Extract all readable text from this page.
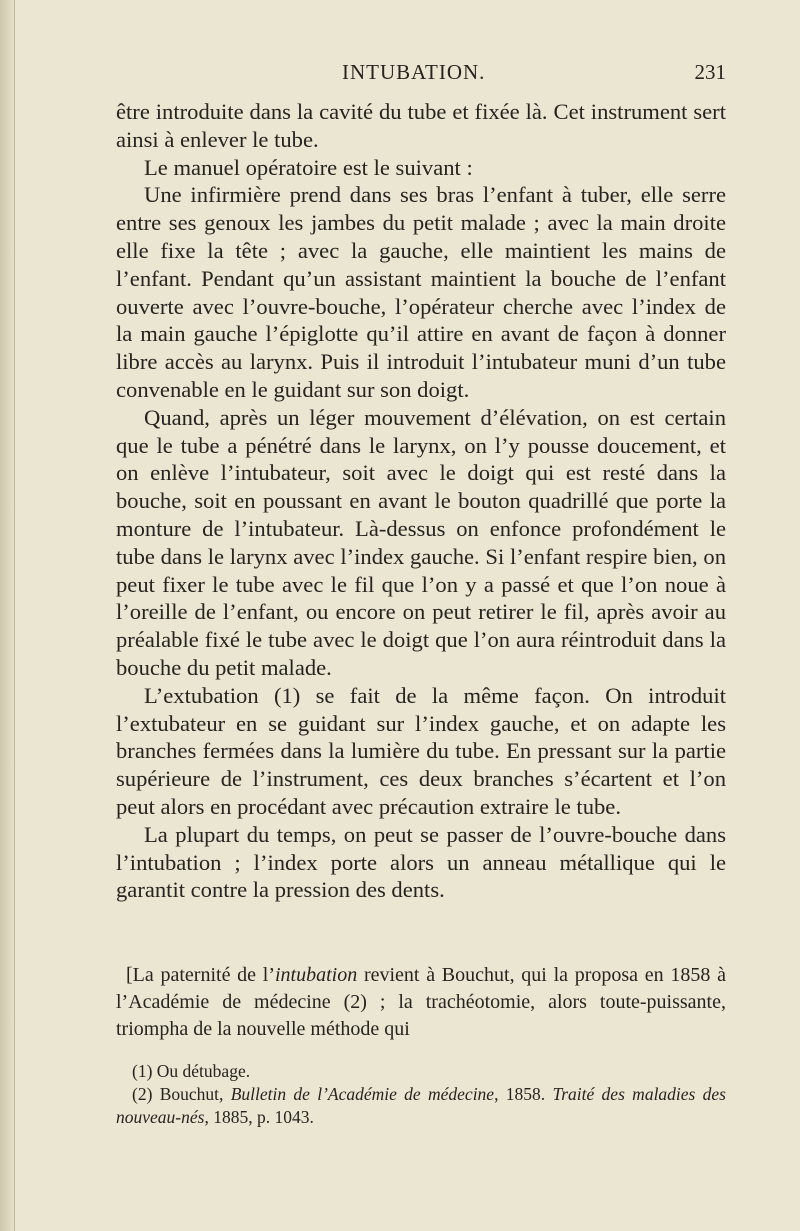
INTUBATION.	231

être introduite dans la cavité du tube et fixée là. Cet instrument sert ainsi à enlever le tube.

Le manuel opératoire est le suivant :

Une infirmière prend dans ses bras l’enfant à tuber, elle serre entre ses genoux les jambes du petit malade ; avec la main droite elle fixe la tête ; avec la gauche, elle maintient les mains de l’enfant. Pendant qu’un assistant maintient la bouche de l’enfant ouverte avec l’ouvre-bouche, l’opérateur cherche avec l’index de la main gauche l’épiglotte qu’il attire en avant de façon à donner libre accès au larynx. Puis il introduit l’intubateur muni d’un tube convenable en le guidant sur son doigt.

Quand, après un léger mouvement d’élévation, on est certain que le tube a pénétré dans le larynx, on l’y pousse doucement, et on enlève l’intubateur, soit avec le doigt qui est resté dans la bouche, soit en poussant en avant le bouton quadrillé que porte la monture de l’intubateur. Là-dessus on enfonce profondément le tube dans le larynx avec l’index gauche. Si l’enfant respire bien, on peut fixer le tube avec le fil que l’on y a passé et que l’on noue à l’oreille de l’enfant, ou encore on peut retirer le fil, après avoir au préalable fixé le tube avec le doigt que l’on aura réintroduit dans la bouche du petit malade.

L’extubation (1) se fait de la même façon. On introduit l’extubateur en se guidant sur l’index gauche, et on adapte les branches fermées dans la lumière du tube. En pressant sur la partie supérieure de l’instrument, ces deux branches s’écartent et l’on peut alors en procédant avec précaution extraire le tube.

La plupart du temps, on peut se passer de l’ouvre-bouche dans l’intubation ; l’index porte alors un anneau métallique qui le garantit contre la pression des dents.

[La paternité de l’intubation revient à Bouchut, qui la proposa en 1858 à l’Académie de médecine (2) ; la trachéotomie, alors toute-puissante, triompha de la nouvelle méthode qui

(1) Ou détubage.

(2) Bouchut, Bulletin de l’Académie de médecine, 1858. Traité des maladies des nouveau-nés, 1885, p. 1043.
